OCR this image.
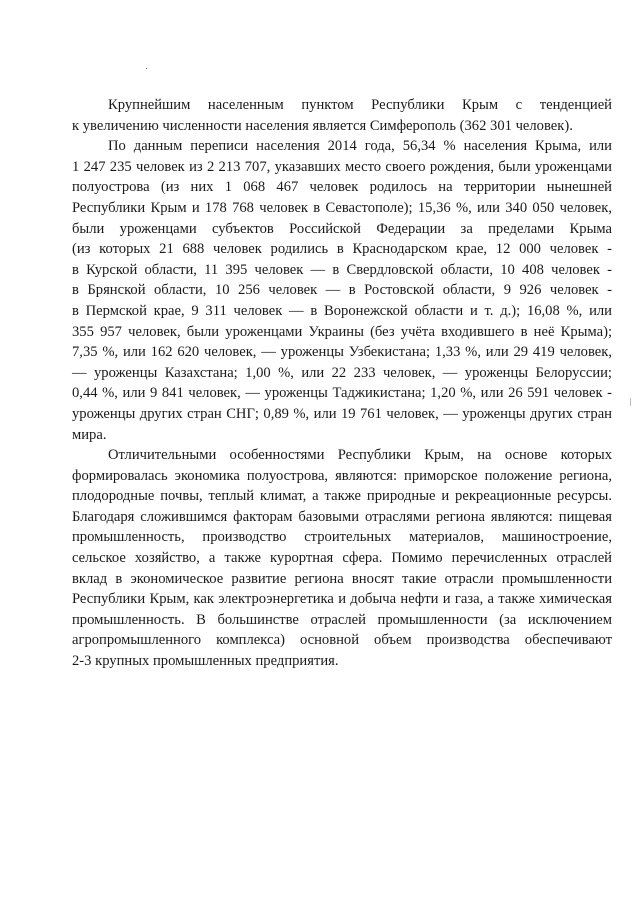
Крупнейшим населенным пунктом Республики Крым с тенденцией
к увеличению численности населения является Симферополь (362 301 человек).
По данным переписи населения 2014 года, 56,34 % населения Крыма, или
1 247 235 человек из 2 213 707, указавших место своего рождения, были уроженцами
полуострова (из них 1 068 467 человек родилось на территории нынешней
Республики Крым и 178 768 человек в Севастополе); 15,36 %, или 340 050 человек,
были уроженцами субъектов Российской Федерации за пределами Крыма
(из которых 21 688 человек родились в Краснодарском крае, 12 000 человек -
в Курской области, 11 395 человек — в Свердловской области, 10 408 человек -
в Брянской области, 10 256 человек — в Ростовской области, 9 926 человек -
в Пермской крае, 9 311 человек — в Воронежской области и т. д.); 16,08 %, или
355 957 человек, были уроженцами Украины (без учёта входившего в неё Крыма);
7,35 %, или 162 620 человек, — уроженцы Узбекистана; 1,33 %, или 29 419 человек,
— уроженцы Казахстана; 1,00 %, или 22 233 человек, — уроженцы Белоруссии;
0,44 %, или 9 841 человек, — уроженцы Таджикистана; 1,20 %, или 26 591 человек -
уроженцы других стран СНГ; 0,89 %, или 19 761 человек, — уроженцы других стран
мира.
Отличительными особенностями Республики Крым, на основе которых
формировалась экономика полуострова, являются: приморское положение региона,
плодородные почвы, теплый климат, а также природные и рекреационные ресурсы.
Благодаря сложившимся факторам базовыми отраслями региона являются: пищевая
промышленность, производство строительных материалов, машиностроение,
сельское хозяйство, а также курортная сфера. Помимо перечисленных отраслей
вклад в экономическое развитие региона вносят такие отрасли промышленности
Республики Крым, как электроэнергетика и добыча нефти и газа, а также химическая
промышленность. В большинстве отраслей промышленности (за исключением
агропромышленного комплекса) основной объем производства обеспечивают
2-3 крупных промышленных предприятия.
